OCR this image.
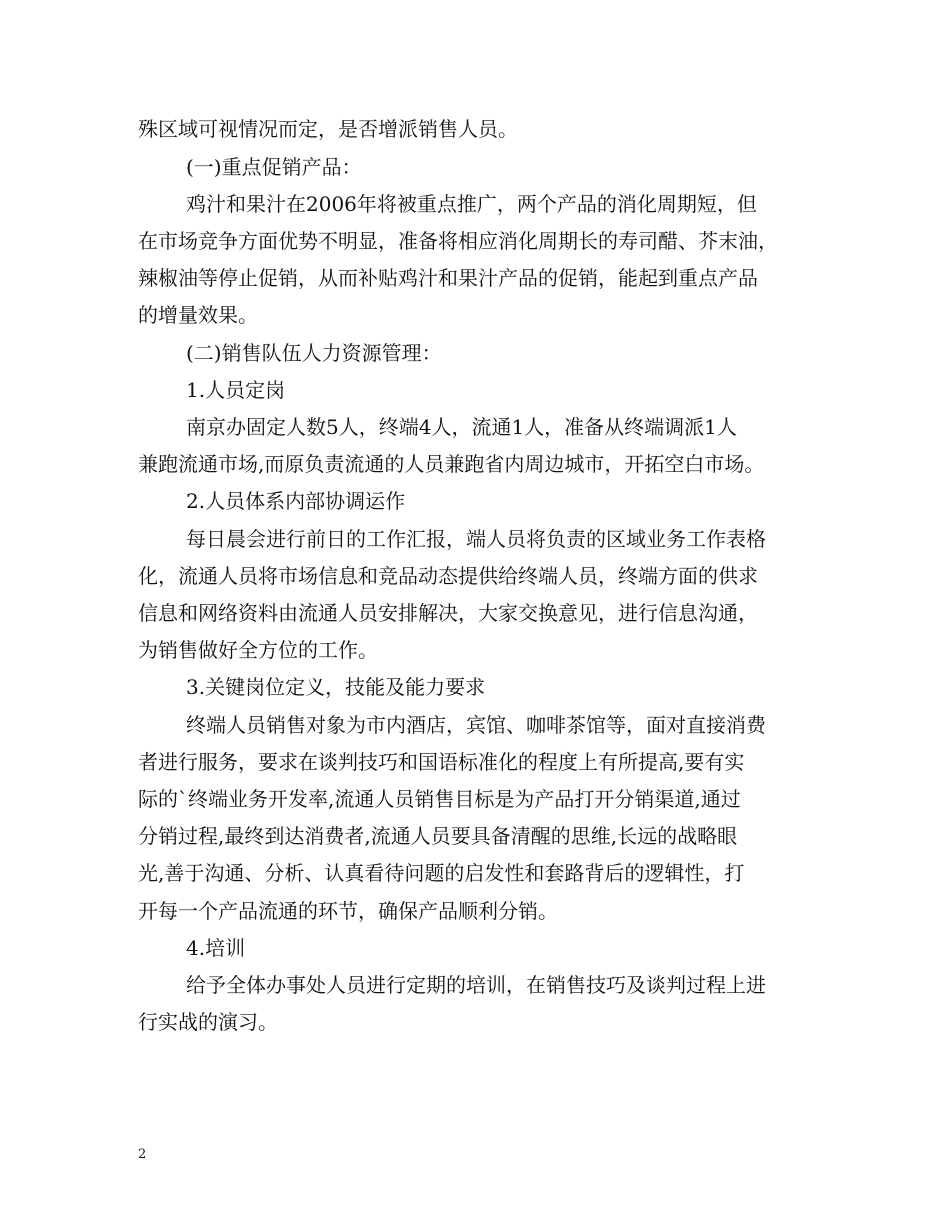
殊区域可视情况而定，是否增派销售人员。
(一)重点促销产品：
鸡汁和果汁在2006年将被重点推广，两个产品的消化周期短，但
在市场竞争方面优势不明显，准备将相应消化周期长的寿司醋、芥末油，
辣椒油等停止促销，从而补贴鸡汁和果汁产品的促销，能起到重点产品
的增量效果。
(二)销售队伍人力资源管理：
1.人员定岗
南京办固定人数5人，终端4人，流通1人，准备从终端调派1人
兼跑流通市场,而原负责流通的人员兼跑省内周边城市，开拓空白市场。
2.人员体系内部协调运作
每日晨会进行前日的工作汇报，端人员将负责的区域业务工作表格
化，流通人员将市场信息和竞品动态提供给终端人员，终端方面的供求
信息和网络资料由流通人员安排解决，大家交换意见，进行信息沟通，
为销售做好全方位的工作。
3.关键岗位定义，技能及能力要求
终端人员销售对象为市内酒店，宾馆、咖啡茶馆等，面对直接消费
者进行服务，要求在谈判技巧和国语标准化的程度上有所提高,要有实
际的`终端业务开发率,流通人员销售目标是为产品打开分销渠道,通过
分销过程,最终到达消费者,流通人员要具备清醒的思维,长远的战略眼
光,善于沟通、分析、认真看待问题的启发性和套路背后的逻辑性，打
开每一个产品流通的环节，确保产品顺利分销。
4.培训
给予全体办事处人员进行定期的培训，在销售技巧及谈判过程上进
行实战的演习。
2
